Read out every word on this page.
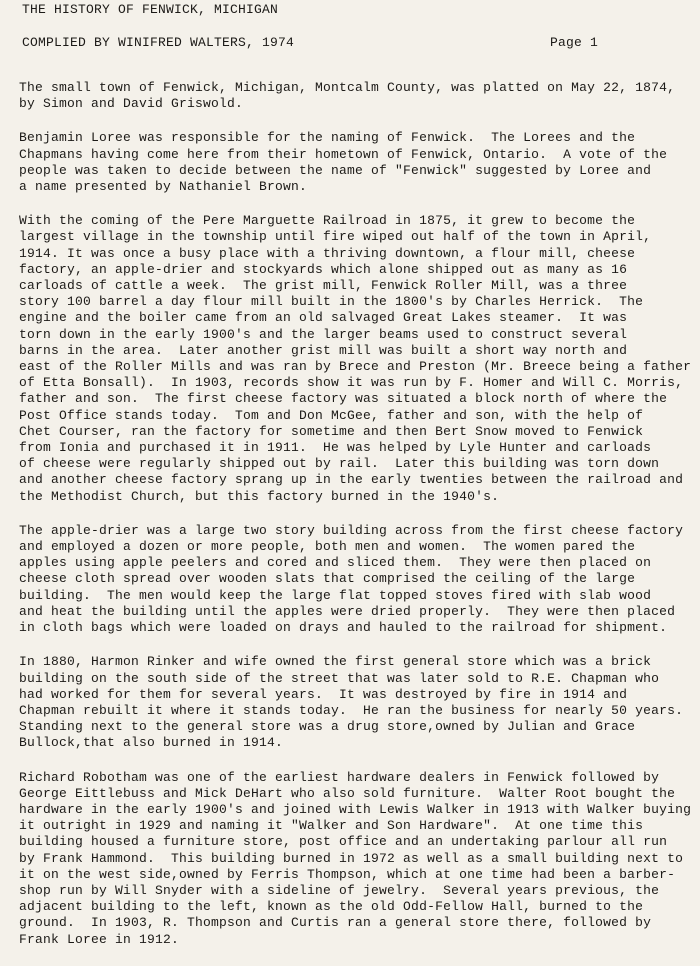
THE HISTORY OF FENWICK, MICHIGAN
COMPLIED BY WINIFRED WALTERS, 1974	Page 1
The small town of Fenwick, Michigan, Montcalm County, was platted on May 22, 1874,
by Simon and David Griswold.
Benjamin Loree was responsible for the naming of Fenwick.  The Lorees and the
Chapmans having come here from their hometown of Fenwick, Ontario.  A vote of the
people was taken to decide between the name of "Fenwick" suggested by Loree and
a name presented by Nathaniel Brown.
With the coming of the Pere Marguette Railroad in 1875, it grew to become the
largest village in the township until fire wiped out half of the town in April,
1914. It was once a busy place with a thriving downtown, a flour mill, cheese
factory, an apple-drier and stockyards which alone shipped out as many as 16
carloads of cattle a week.  The grist mill, Fenwick Roller Mill, was a three
story 100 barrel a day flour mill built in the 1800's by Charles Herrick.  The
engine and the boiler came from an old salvaged Great Lakes steamer.  It was
torn down in the early 1900's and the larger beams used to construct several
barns in the area.  Later another grist mill was built a short way north and
east of the Roller Mills and was ran by Brece and Preston (Mr. Breece being a father
of Etta Bonsall).  In 1903, records show it was run by F. Homer and Will C. Morris,
father and son.  The first cheese factory was situated a block north of where the
Post Office stands today.  Tom and Don McGee, father and son, with the help of
Chet Courser, ran the factory for sometime and then Bert Snow moved to Fenwick
from Ionia and purchased it in 1911.  He was helped by Lyle Hunter and carloads
of cheese were regularly shipped out by rail.  Later this building was torn down
and another cheese factory sprang up in the early twenties between the railroad and
the Methodist Church, but this factory burned in the 1940's.
The apple-drier was a large two story building across from the first cheese factory
and employed a dozen or more people, both men and women.  The women pared the
apples using apple peelers and cored and sliced them.  They were then placed on
cheese cloth spread over wooden slats that comprised the ceiling of the large
building.  The men would keep the large flat topped stoves fired with slab wood
and heat the building until the apples were dried properly.  They were then placed
in cloth bags which were loaded on drays and hauled to the railroad for shipment.
In 1880, Harmon Rinker and wife owned the first general store which was a brick
building on the south side of the street that was later sold to R.E. Chapman who
had worked for them for several years.  It was destroyed by fire in 1914 and
Chapman rebuilt it where it stands today.  He ran the business for nearly 50 years.
Standing next to the general store was a drug store,owned by Julian and Grace
Bullock,that also burned in 1914.
Richard Robotham was one of the earliest hardware dealers in Fenwick followed by
George Eittlebuss and Mick DeHart who also sold furniture.  Walter Root bought the
hardware in the early 1900's and joined with Lewis Walker in 1913 with Walker buying
it outright in 1929 and naming it "Walker and Son Hardware".  At one time this
building housed a furniture store, post office and an undertaking parlour all run
by Frank Hammond.  This building burned in 1972 as well as a small building next to
it on the west side,owned by Ferris Thompson, which at one time had been a barber-
shop run by Will Snyder with a sideline of jewelry.  Several years previous, the
adjacent building to the left, known as the old Odd-Fellow Hall, burned to the
ground.  In 1903, R. Thompson and Curtis ran a general store there, followed by
Frank Loree in 1912.
